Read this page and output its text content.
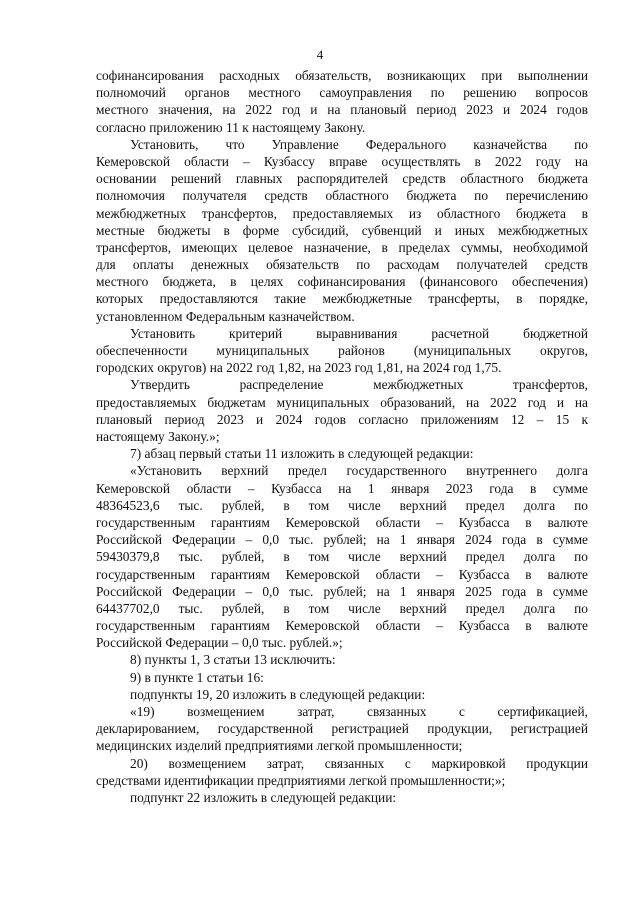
4
софинансирования расходных обязательств, возникающих при выполнении
полномочий органов местного самоуправления по решению вопросов
местного значения, на 2022 год и на плановый период 2023 и 2024 годов
согласно приложению 11 к настоящему Закону.
Установить, что Управление Федерального казначейства по
Кемеровской области – Кузбассу вправе осуществлять в 2022 году на
основании решений главных распорядителей средств областного бюджета
полномочия получателя средств областного бюджета по перечислению
межбюджетных трансфертов, предоставляемых из областного бюджета в
местные бюджеты в форме субсидий, субвенций и иных межбюджетных
трансфертов, имеющих целевое назначение, в пределах суммы, необходимой
для оплаты денежных обязательств по расходам получателей средств
местного бюджета, в целях софинансирования (финансового обеспечения)
которых предоставляются такие межбюджетные трансферты, в порядке,
установленном Федеральным казначейством.
Установить критерий выравнивания расчетной бюджетной
обеспеченности муниципальных районов (муниципальных округов,
городских округов) на 2022 год 1,82, на 2023 год 1,81, на 2024 год 1,75.
Утвердить распределение межбюджетных трансфертов,
предоставляемых бюджетам муниципальных образований, на 2022 год и на
плановый период 2023 и 2024 годов согласно приложениям 12 – 15 к
настоящему Закону.»;
7) абзац первый статьи 11 изложить в следующей редакции:
«Установить верхний предел государственного внутреннего долга
Кемеровской области – Кузбасса на 1 января 2023 года в сумме
48364523,6 тыс. рублей, в том числе верхний предел долга по
государственным гарантиям Кемеровской области – Кузбасса в валюте
Российской Федерации – 0,0 тыс. рублей; на 1 января 2024 года в сумме
59430379,8 тыс. рублей, в том числе верхний предел долга по
государственным гарантиям Кемеровской области – Кузбасса в валюте
Российской Федерации – 0,0 тыс. рублей; на 1 января 2025 года в сумме
64437702,0 тыс. рублей, в том числе верхний предел долга по
государственным гарантиям Кемеровской области – Кузбасса в валюте
Российской Федерации – 0,0 тыс. рублей.»;
8) пункты 1, 3 статьи 13 исключить:
9) в пункте 1 статьи 16:
подпункты 19, 20 изложить в следующей редакции:
«19) возмещением затрат, связанных с сертификацией,
декларированием, государственной регистрацией продукции, регистрацией
медицинских изделий предприятиями легкой промышленности;
20) возмещением затрат, связанных с маркировкой продукции
средствами идентификации предприятиями легкой промышленности;»;
подпункт 22 изложить в следующей редакции:
